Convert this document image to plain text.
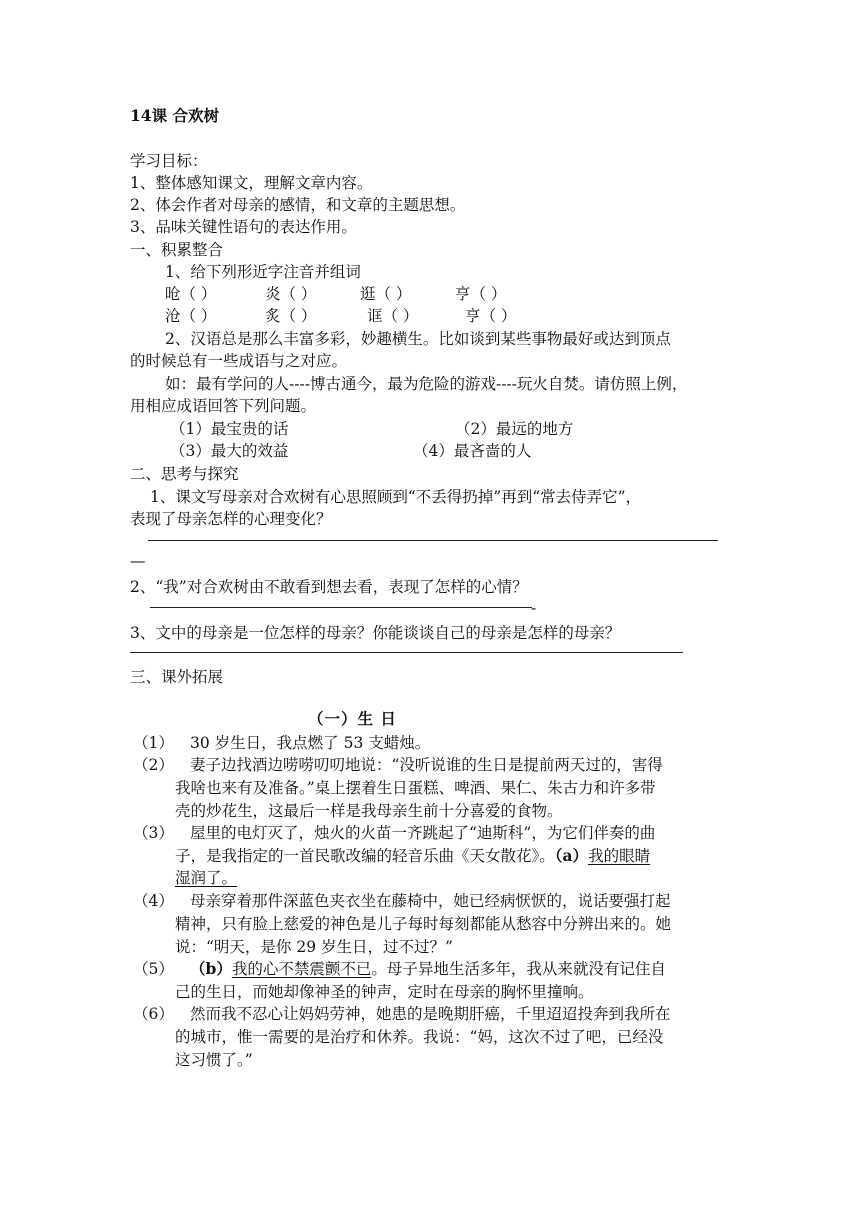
14课 合欢树
学习目标：
1、整体感知课文，理解文章内容。
2、体会作者对母亲的感情，和文章的主题思想。
3、品味关键性语句的表达作用。
一、积累整合
1、给下列形近字注音并组词
呛（ ）	炎（ ）	逛（ ）	亨（ ）
沧（ ）	炙（ ）	诓（ ）	亨（ ）
2、汉语总是那么丰富多彩，妙趣横生。比如谈到某些事物最好或达到顶点
的时候总有一些成语与之对应。
如：最有学问的人----博古通今，最为危险的游戏----玩火自焚。请仿照上例，
用相应成语回答下列问题。
（1）最宝贵的话	（2）最远的地方
（3）最大的效益	（4）最吝啬的人
二、思考与探究
1、课文写母亲对合欢树有心思照顾到“不丢得扔掉”再到“常去侍弄它”，
表现了母亲怎样的心理变化？
—
2、“我”对合欢树由不敢看到想去看，表现了怎样的心情？
-
3、文中的母亲是一位怎样的母亲？你能谈谈自己的母亲是怎样的母亲？
三、课外拓展
（一）生 日
（1） 30 岁生日，我点燃了 53 支蜡烛。
（2） 妻子边找酒边唠唠叨叨地说：“没听说谁的生日是提前两天过的，害得
我啥也来有及准备。”桌上摆着生日蛋糕、啤酒、果仁、朱古力和许多带
壳的炒花生，这最后一样是我母亲生前十分喜爱的食物。
（3） 屋里的电灯灭了，烛火的火苗一齐跳起了“迪斯科”，为它们伴奏的曲
子，是我指定的一首民歌改编的轻音乐曲《天女散花》。（a）我的眼睛
湿润了。
（4） 母亲穿着那件深蓝色夹衣坐在藤椅中，她已经病恹恹的，说话要强打起
精神，只有脸上慈爱的神色是儿子每时每刻都能从愁容中分辨出来的。她
说：“明天，是你 29 岁生日，过不过？”
（5） （b）我的心不禁震颤不已。母子异地生活多年，我从来就没有记住自
己的生日，而她却像神圣的钟声，定时在母亲的胸怀里撞响。
（6） 然而我不忍心让妈妈劳神，她患的是晚期肝癌，千里迢迢投奔到我所在
的城市，惟一需要的是治疗和休养。我说：“妈，这次不过了吧，已经没
这习惯了。”
